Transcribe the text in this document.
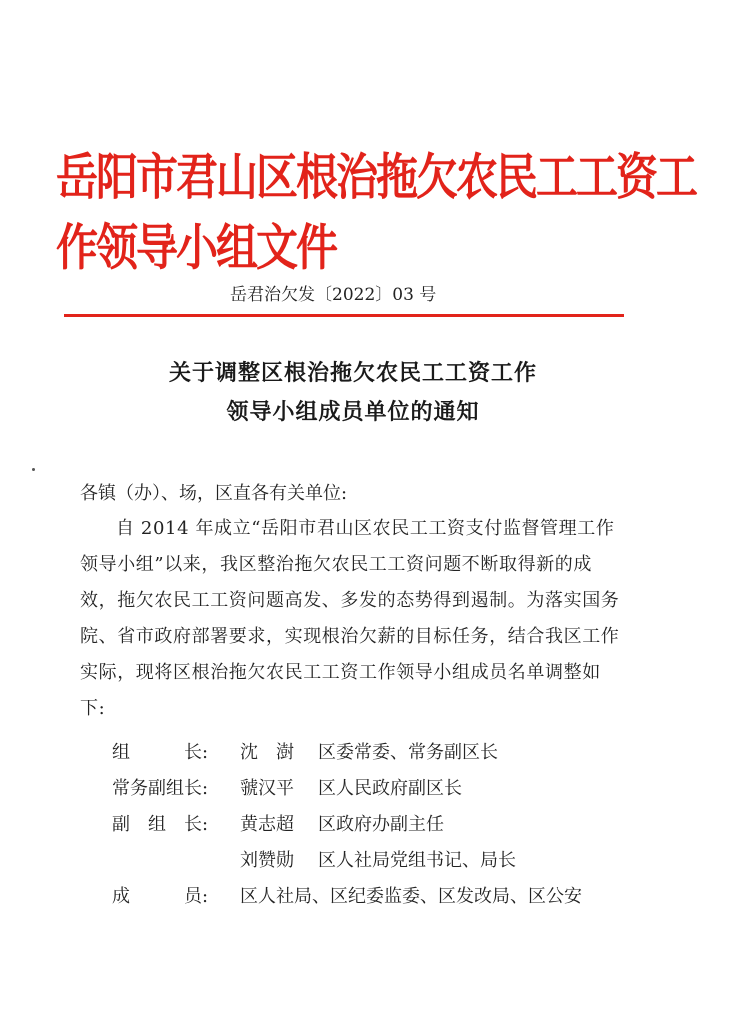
岳阳市君山区根治拖欠农民工工资工作领导小组文件
岳君治欠发〔2022〕03 号
关于调整区根治拖欠农民工工资工作
领导小组成员单位的通知
各镇（办）、场，区直各有关单位:
自 2014 年成立“岳阳市君山区农民工工资支付监督管理工作领导小组”以来，我区整治拖欠农民工工资问题不断取得新的成效，拖欠农民工工资问题高发、多发的态势得到遏制。为落实国务院、省市政府部署要求，实现根治欠薪的目标任务，结合我区工作实际，现将区根治拖欠农民工工资工作领导小组成员名单调整如下:
组　　　长: 沈　澍 区委常委、常务副区长
常务副组长: 虢汉平 区人民政府副区长
副　组　长: 黄志超 区政府办副主任
刘赞勋 区人社局党组书记、局长
成　　　员: 区人社局、区纪委监委、区发改局、区公安
